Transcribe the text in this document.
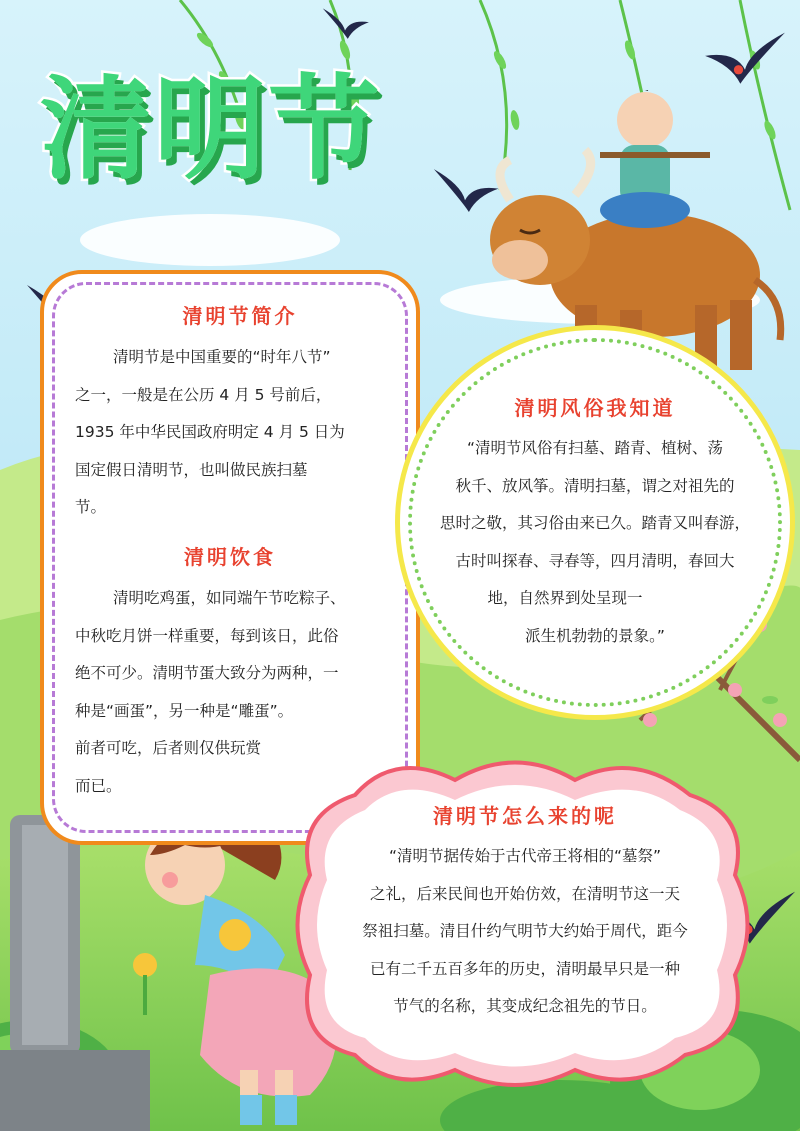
清明节
清明节简介
清明节是中国重要的“时年八节”
之一，一般是在公历 4 月 5 号前后，
1935 年中华民国政府明定 4 月 5 日为
国定假日清明节，也叫做民族扫墓
节。
清明饮食
清明吃鸡蛋，如同端午节吃粽子、
中秋吃月饼一样重要，每到该日，此俗
绝不可少。清明节蛋大致分为两种，一
种是“画蛋”，另一种是“雕蛋”。
前者可吃，后者则仅供玩赏
而已。
清明风俗我知道
“清明节风俗有扫墓、踏青、植树、荡
秋千、放风筝。清明扫墓，谓之对祖先的
思时之敬，其习俗由来已久。踏青又叫春游，
古时叫探春、寻春等，四月清明，春回大
地，自然界到处呈现一
派生机勃勃的景象。”
清明节怎么来的呢
“清明节据传始于古代帝王将相的“墓祭”
之礼，后来民间也开始仿效，在清明节这一天
祭祖扫墓。清目什约气明节大约始于周代，距今
已有二千五百多年的历史，清明最早只是一种
节气的名称，其变成纪念祖先的节日。
